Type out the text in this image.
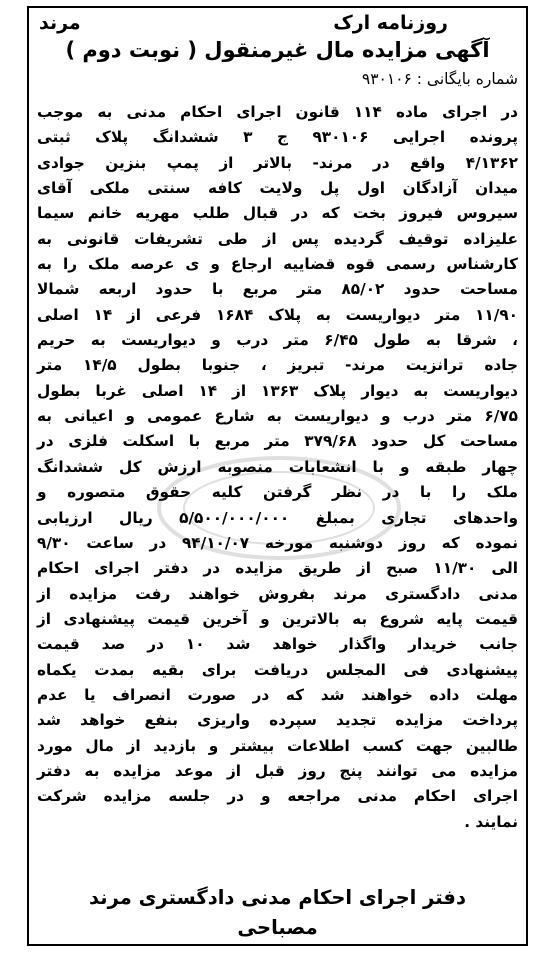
روزنامه ارک
مرند
آگهی مزایده مال غیرمنقول ( نوبت دوم )
شماره بایگانی : ۹۳۰۱۰۶
در اجرای ماده ۱۱۴ قانون اجرای احکام مدنی به موجب
پرونده اجرایی ۹۳۰۱۰۶ ج ۳ ششدانگ پلاک ثبتی
۴/۱۳۶۲ واقع در مرند- بالاتر از پمپ بنزین جوادی
میدان آزادگان اول پل ولایت کافه سنتی ملکی آقای
سیروس فیروز بخت که در قبال طلب مهریه خانم سیما
علیزاده توقیف گردیده پس از طی تشریفات قانونی به
کارشناس رسمی قوه قضاییه ارجاع و ی عرصه ملک را به
مساحت حدود ۸۵/۰۲ متر مربع با حدود اربعه شمالا
۱۱/۹۰ متر دیواریست به پلاک ۱۶۸۴ فرعی از ۱۴ اصلی
، شرقا به طول ۶/۴۵ متر درب و دیواریست به حریم
جاده ترانزیت مرند- تبریز ، جنوبا بطول ۱۴/۵ متر
دیواریست به دیوار پلاک ۱۳۶۳ از ۱۴ اصلی غربا بطول
۶/۷۵ متر درب و دیواریست به شارع عمومی و اعیانی به
مساحت کل حدود ۳۷۹/۶۸ متر مربع با اسکلت فلزی در
چهار طبقه و با انشعابات منصوبه ارزش کل ششدانگ
ملک را با در نظر گرفتن کلیه حقوق متصوره و
واحدهای تجاری بمبلغ ۵/۵۰۰/۰۰۰/۰۰۰ ریال ارزیابی
نموده که روز دوشنبه مورخه ۹۴/۱۰/۰۷ در ساعت ۹/۳۰
الی ۱۱/۳۰ صبح از طریق مزایده در دفتر اجرای احکام
مدنی دادگستری مرند بفروش خواهند رفت مزایده از
قیمت پایه شروع به بالاترین و آخرین قیمت پیشنهادی از
جانب خریدار واگذار خواهد شد ۱۰ در صد قیمت
پیشنهادی فی المجلس دریافت برای بقیه بمدت یکماه
مهلت داده خواهند شد که در صورت انصراف یا عدم
پرداخت مزایده تجدید سپرده واریزی بنفع خواهد شد
طالبین جهت کسب اطلاعات بیشتر و بازدید از مال مورد
مزایده می توانند پنج روز قبل از موعد مزایده به دفتر
اجرای احکام مدنی مراجعه و در جلسه مزایده شرکت
نمایند .
دفتر اجرای احکام مدنی دادگستری مرند
مصباحی
